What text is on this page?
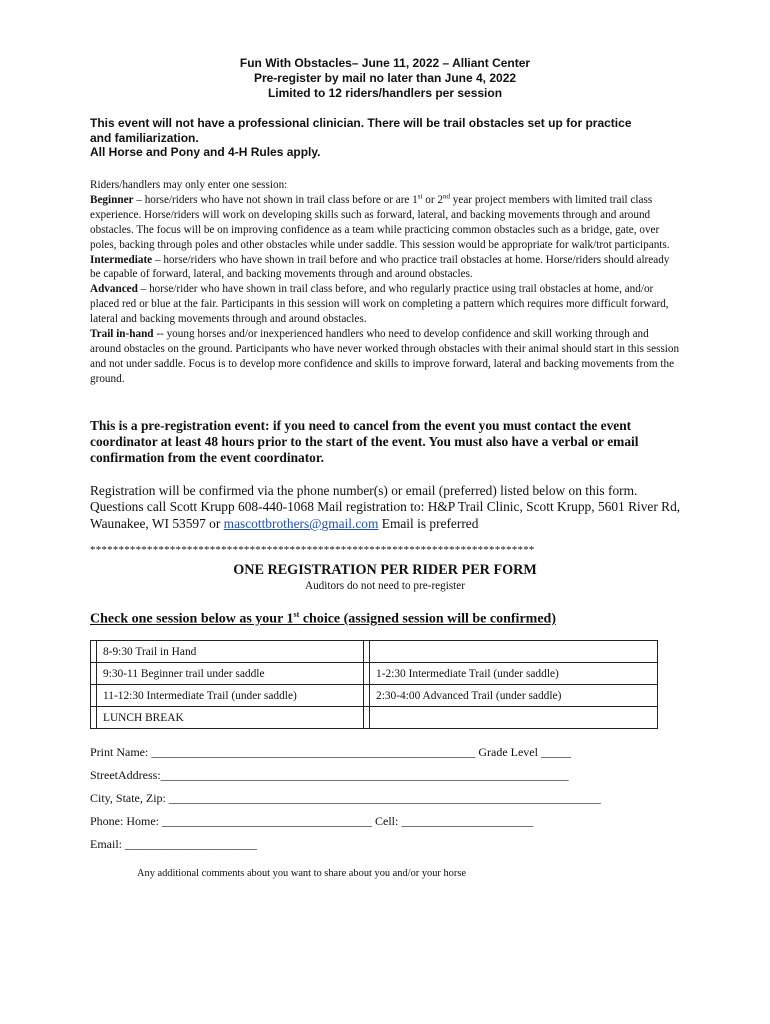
Fun With Obstacles– June 11, 2022 – Alliant Center
Pre-register by mail no later than June 4, 2022
Limited to 12 riders/handlers per session
This event will not have a professional clinician. There will be trail obstacles set up for practice
and familiarization.
All Horse and Pony and 4-H Rules apply.

Riders/handlers may only enter one session:

Beginner – horse/riders who have not shown in trail class before or are 1st or 2nd year project members with limited trail class experience. Horse/riders will work on developing skills such as forward, lateral, and backing movements through and around obstacles. The focus will be on improving confidence as a team while practicing common obstacles such as a bridge, gate, over poles, backing through poles and other obstacles while under saddle. This session would be appropriate for walk/trot participants.

Intermediate – horse/riders who have shown in trail before and who practice trail obstacles at home. Horse/riders should already be capable of forward, lateral, and backing movements through and around obstacles.

Advanced – horse/rider who have shown in trail class before, and who regularly practice using trail obstacles at home, and/or placed red or blue at the fair. Participants in this session will work on completing a pattern which requires more difficult forward, lateral and backing movements through and around obstacles.

Trail in-hand -- young horses and/or inexperienced handlers who need to develop confidence and skill working through and around obstacles on the ground. Participants who have never worked through obstacles with their animal should start in this session and not under saddle. Focus is to develop more confidence and skills to improve forward, lateral and backing movements from the ground.

This is a pre-registration event: if you need to cancel from the event you must contact the event coordinator at least 48 hours prior to the start of the event. You must also have a verbal or email confirmation from the event coordinator.
Registration will be confirmed via the phone number(s) or email (preferred) listed below on this form. Questions call Scott Krupp 608-440-1068 Mail registration to: H&P Trail Clinic, Scott Krupp, 5601 River Rd, Waunakee, WI 53597 or mascottbrothers@gmail.com Email is preferred
******************************************************************************
ONE REGISTRATION PER RIDER PER FORM
Auditors do not need to pre-register
Check one session below as your 1st choice (assigned session will be confirmed)
	8-9:30 Trail in Hand		
	9:30-11 Beginner trail under saddle		1-2:30 Intermediate Trail (under saddle)
	11-12:30 Intermediate Trail (under saddle)		2:30-4:00 Advanced Trail (under saddle)
	LUNCH BREAK		
Print Name: ______________________________________________________ Grade Level _____
StreetAddress:____________________________________________________________________
City, State, Zip: ________________________________________________________________________
Phone: Home: ___________________________________ Cell: ______________________
Email: ______________________
Any additional comments about you want to share about you and/or your horse
